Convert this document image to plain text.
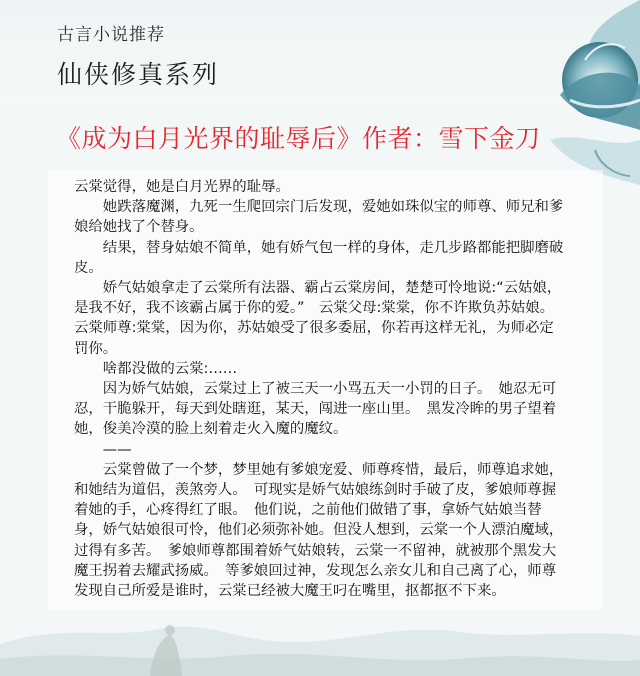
古言小说推荐
仙侠修真系列
《成为白月光界的耻辱后》作者：雪下金刀

云棠觉得，她是白月光界的耻辱。

她跌落魔渊，九死一生爬回宗门后发现，爱她如珠似宝的师尊、师兄和爹娘给她找了个替身。

结果，替身姑娘不简单，她有娇气包一样的身体，走几步路都能把脚磨破皮。

娇气姑娘拿走了云棠所有法器、霸占云棠房间，楚楚可怜地说:“云姑娘，是我不好，我不该霸占属于你的爱。”　云棠父母:棠棠，你不许欺负苏姑娘。　云棠师尊:棠棠，因为你，苏姑娘受了很多委屈，你若再这样无礼，为师必定罚你。

啥都没做的云棠:……

因为娇气姑娘，云棠过上了被三天一小骂五天一小罚的日子。　她忍无可忍，干脆躲开，每天到处瞎逛，某天，闯进一座山里。　黑发冷眸的男子望着她，俊美冷漠的脸上刻着走火入魔的魔纹。

——

云棠曾做了一个梦，梦里她有爹娘宠爱、师尊疼惜，最后，师尊追求她，和她结为道侣，羡煞旁人。　可现实是娇气姑娘练剑时手破了皮，爹娘师尊握着她的手，心疼得红了眼。　他们说，之前他们做错了事，拿娇气姑娘当替身，娇气姑娘很可怜，他们必须弥补她。但没人想到，云棠一个人漂泊魔域，过得有多苦。　爹娘师尊都围着娇气姑娘转，云棠一不留神，就被那个黑发大魔王拐着去耀武扬威。　等爹娘回过神，发现怎么亲女儿和自己离了心，师尊发现自己所爱是谁时，云棠已经被大魔王叼在嘴里，抠都抠不下来。
